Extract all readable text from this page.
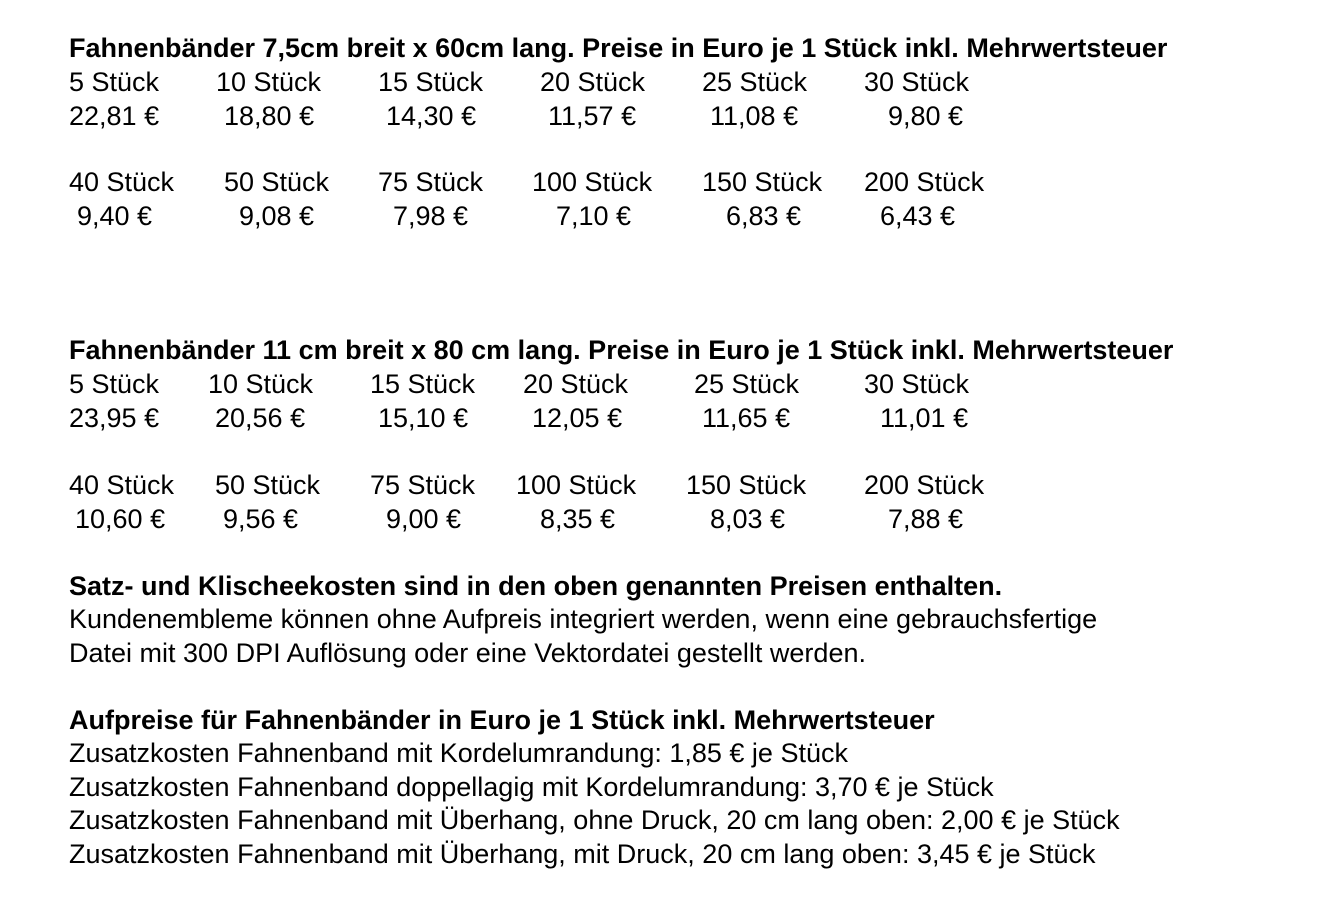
Fahnenbänder 7,5cm breit x 60cm lang. Preise in Euro je 1 Stück inkl. Mehrwertsteuer
5 Stück 10 Stück 15 Stück 20 Stück 25 Stück 30 Stück
22,81 € 18,80 €	14,30 €	11,57 €	11,08 €	9,80 €
40 Stück 50 Stück 75 Stück 100 Stück 150 Stück 200 Stück
9,40 €	9,08 €	7,98 €	7,10 €	6,83 €	6,43 €
Fahnenbänder 11 cm breit x 80 cm lang. Preise in Euro je 1 Stück inkl. Mehrwertsteuer
5 Stück 10 Stück 15 Stück 20 Stück 25 Stück 30 Stück
23,95 € 20,56 €	15,10 € 12,05 €	11,65 €	11,01 €
40 Stück 50 Stück 75 Stück 100 Stück 150 Stück 200 Stück
10,60 € 9,56 €	9,00 €	8,35 €	8,03 €	7,88 €
Satz- und Klischeekosten sind in den oben genannten Preisen enthalten.
Kundenembleme können ohne Aufpreis integriert werden, wenn eine gebrauchsfertige
Datei mit 300 DPI Auflösung oder eine Vektordatei gestellt werden.
Aufpreise für Fahnenbänder in Euro je 1 Stück inkl. Mehrwertsteuer
Zusatzkosten Fahnenband mit Kordelumrandung: 1,85 € je Stück
Zusatzkosten Fahnenband doppellagig mit Kordelumrandung: 3,70 € je Stück
Zusatzkosten Fahnenband mit Überhang, ohne Druck, 20 cm lang oben: 2,00 € je Stück
Zusatzkosten Fahnenband mit Überhang, mit Druck, 20 cm lang oben: 3,45 € je Stück
